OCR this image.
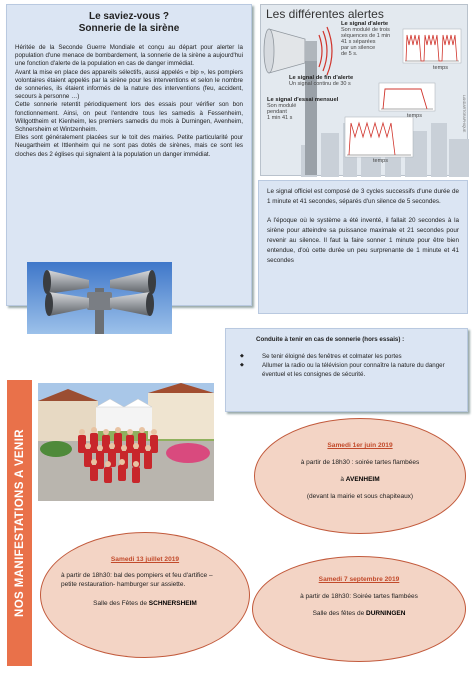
Le saviez-vous ?
Sonnerie de la sirène

Héritée de la Seconde Guerre Mondiale et conçu au départ pour alerter la population d'une menace de bombardement, la sonnerie de la sirène a aujourd'hui une fonction d'alerte de la population en cas de danger immédiat.

Avant la mise en place des appareils sélectifs, aussi appelés « bip », les pompiers volontaires étaient appelés par la sirène pour les interventions et selon le nombre de sonneries, ils étaient informés de la nature des interventions (feu, accident, secours à personne …)

Cette sonnerie retentit périodiquement lors des essais pour vérifier son bon fonctionnement. Ainsi, on peut l'entendre tous les samedis à Fessenheim, Willgottheim et Kienheim, les premiers samedis du mois à Durningen, Avenheim, Schnersheim et Wintzenheim.

Elles sont généralement placées sur le toit des mairies. Petite particularité pour Neugartheim et Ittlenheim qui ne sont pas dotés de sirènes, mais ce sont les cloches des 2 églises qui signalent à la population un danger immédiat.

Les différentes alertes
Le signal d'alerte
Son modulé de trois
séquences de 1 min
41 s séparées
par un silence
de 5 s.
temps
Le signal de fin d'alerte
Un signal continu de 30 s
temps
Le signal d'essai mensuel
Son modulé
pendant
1 min 41 s
temps
LANDARTGRAPHIQUE

Le signal officiel est composé de 3 cycles successifs d'une durée de 1 minute et 41 secondes, séparés d'un silence de 5 secondes.

A l'époque où le système a été inventé, il fallait 20 secondes à la sirène pour atteindre sa puissance maximale et 21 secondes pour revenir au silence. Il faut la faire sonner 1 minute pour être bien entendue, d'où cette durée un peu surprenante de 1 minute et 41 secondes

Conduite à tenir en cas de sonnerie (hors essais) :
◆ Se tenir éloigné des fenêtres et colmater les portes
◆ Allumer la radio ou la télévision pour connaître la nature du danger éventuel et les consignes de sécurité.
NOS MANIFESTATIONS A VENIR	Samedi 1er juin 2019
à partir de 18h30 : soirée tartes flambées
à AVENHEIM
(devant la mairie et sous chapiteaux)
Samedi 13 juillet 2019
à partir de 18h30: bal des pompiers et feu d'artifice – petite restauration- hamburger sur assiette.
Salle des Fêtes de SCHNERSHEIM
Samedi 7 septembre 2019
à partir de 18h30: Soirée tartes flambées
Salle des fêtes de DURNINGEN
